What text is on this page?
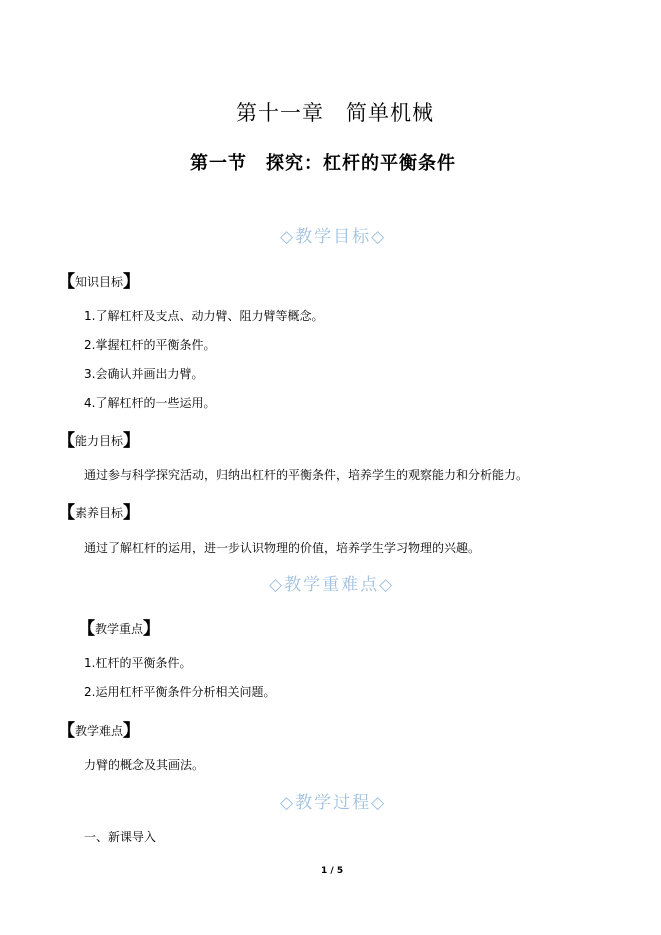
第十一章　简单机械
第一节　探究：杠杆的平衡条件
◇教学目标◇
【知识目标】
1.了解杠杆及支点、动力臂、阻力臂等概念。
2.掌握杠杆的平衡条件。
3.会确认并画出力臂。
4.了解杠杆的一些运用。
【能力目标】
通过参与科学探究活动，归纳出杠杆的平衡条件，培养学生的观察能力和分析能力。
【素养目标】
通过了解杠杆的运用，进一步认识物理的价值，培养学生学习物理的兴趣。
◇教学重难点◇
【教学重点】
1.杠杆的平衡条件。
2.运用杠杆平衡条件分析相关问题。
【教学难点】
力臂的概念及其画法。
◇教学过程◇
一、新课导入
1 / 5
